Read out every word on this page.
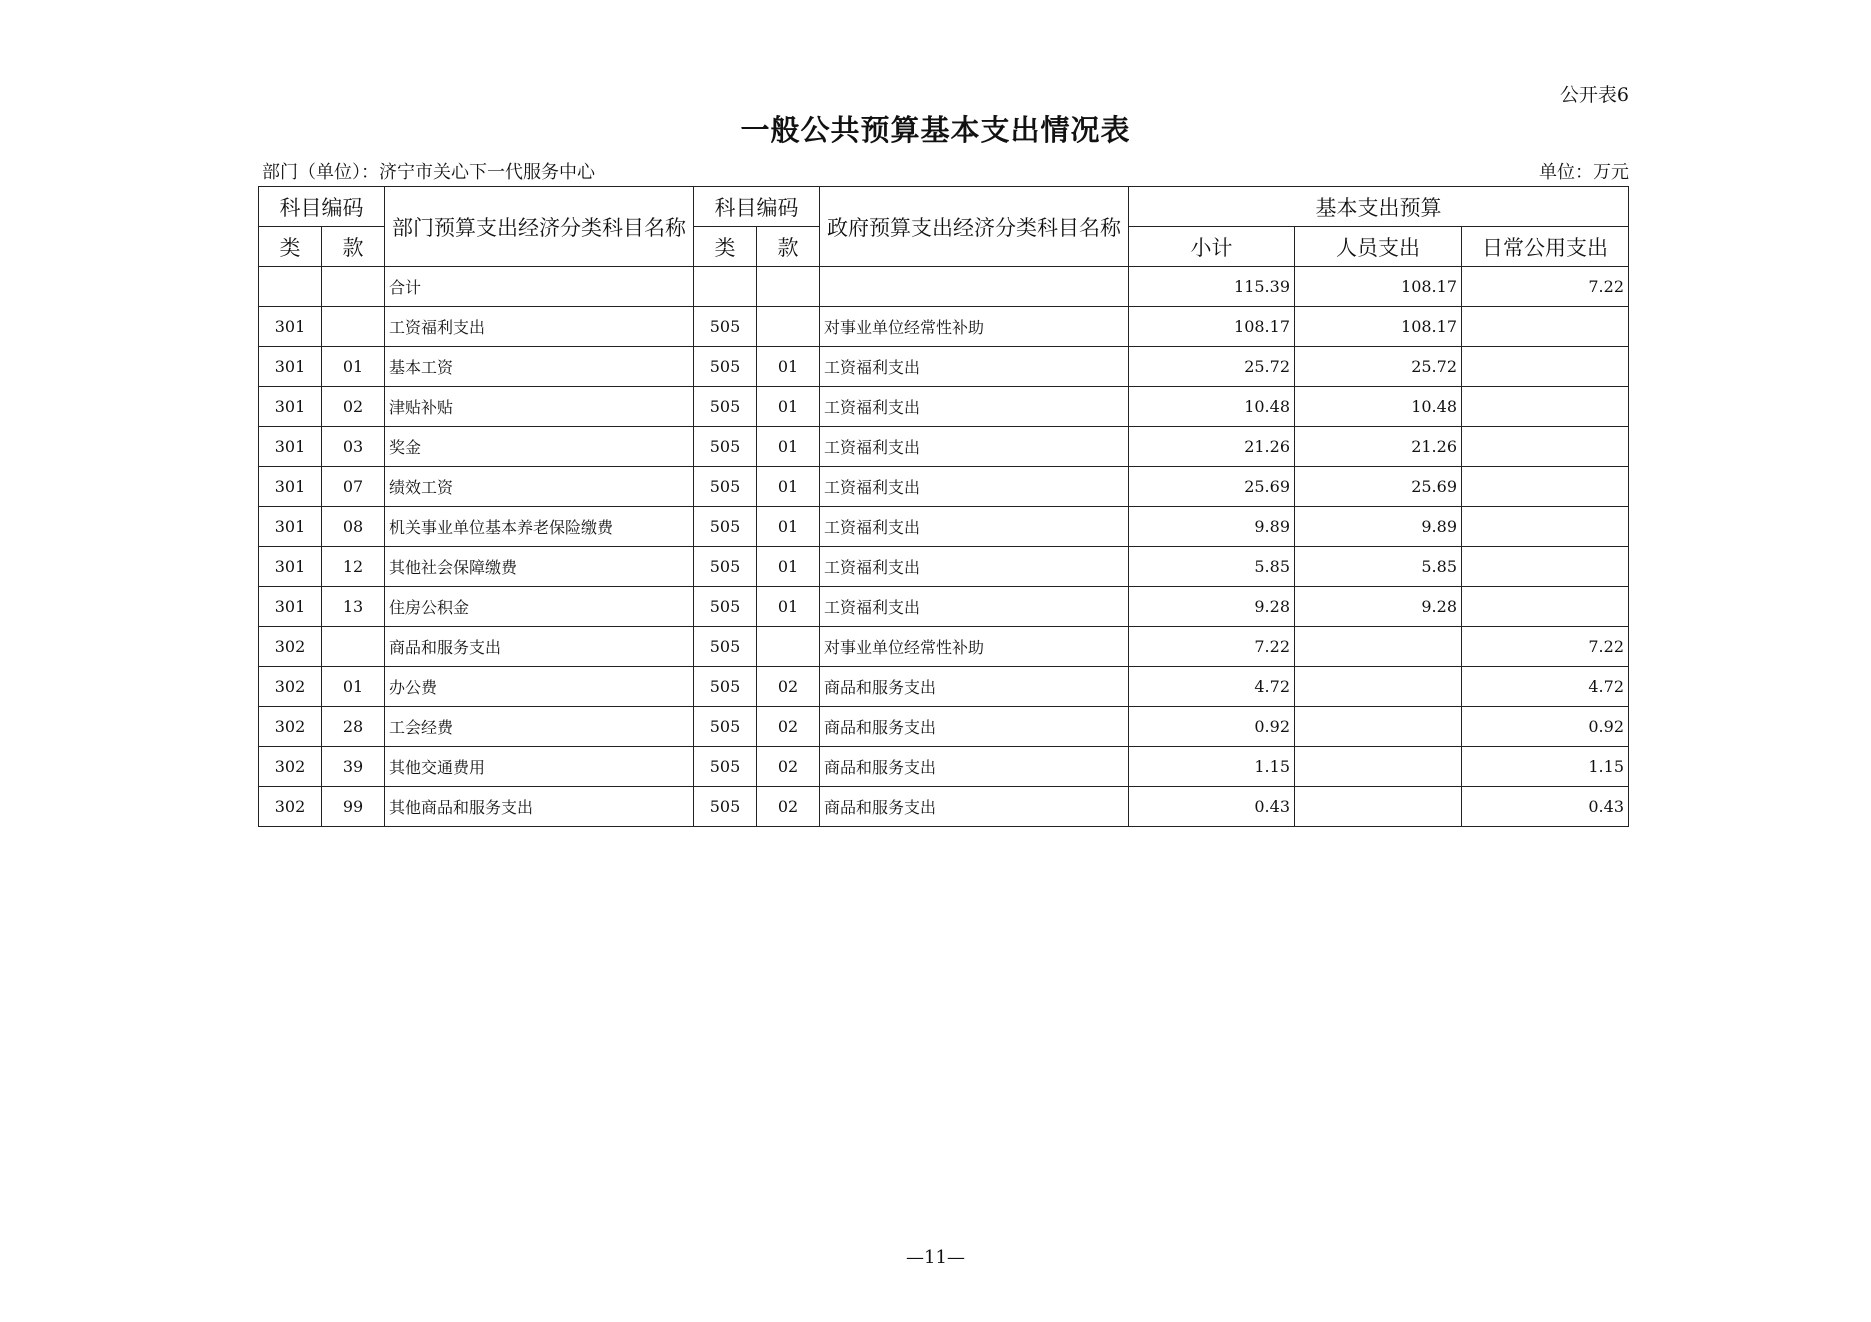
公开表6
一般公共预算基本支出情况表
部门（单位）：济宁市关心下一代服务中心	单位：万元
科目编码		部门预算支出经济分类科目名称	科目编码		政府预算支出经济分类科目名称	基本支出预算		
类	款		类	款		小计	人员支出	日常公用支出
		合计				115.39	108.17	7.22
301		工资福利支出	505		对事业单位经常性补助	108.17	108.17	
301	01	基本工资	505	01	工资福利支出	25.72	25.72	
301	02	津贴补贴	505	01	工资福利支出	10.48	10.48	
301	03	奖金	505	01	工资福利支出	21.26	21.26	
301	07	绩效工资	505	01	工资福利支出	25.69	25.69	
301	08	机关事业单位基本养老保险缴费	505	01	工资福利支出	9.89	9.89	
301	12	其他社会保障缴费	505	01	工资福利支出	5.85	5.85	
301	13	住房公积金	505	01	工资福利支出	9.28	9.28	
302		商品和服务支出	505		对事业单位经常性补助	7.22		7.22
302	01	办公费	505	02	商品和服务支出	4.72		4.72
302	28	工会经费	505	02	商品和服务支出	0.92		0.92
302	39	其他交通费用	505	02	商品和服务支出	1.15		1.15
302	99	其他商品和服务支出	505	02	商品和服务支出	0.43		0.43
—11—
